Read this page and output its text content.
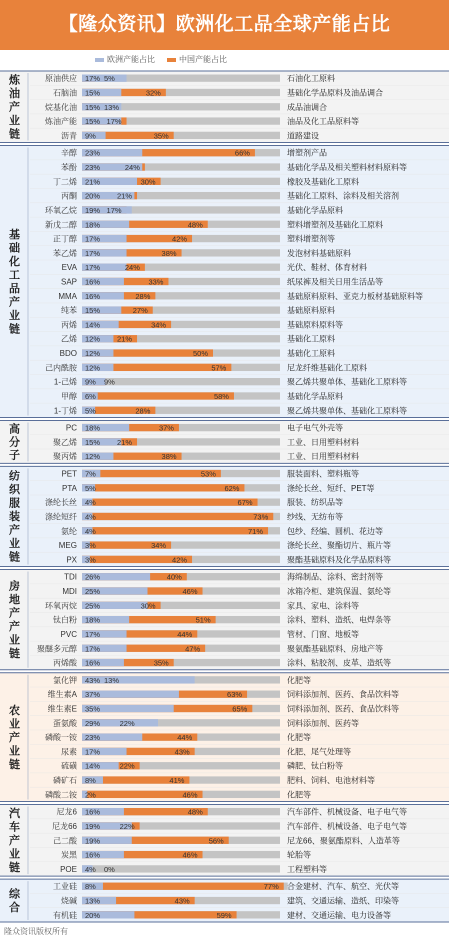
【隆众资讯】欧洲化工品全球产能占比
欧洲产能占比	中国产能占比
炼油产业链
原油供应 17% 5%	石油化工原料
石脑油 15%	32%	基础化学品原料及油品调合
烷基化油 15% 13%	成品油调合
炼油产能 15% 17%	油品及化工品原料等
沥青 9%	35%	道路建设
基础化工品产业链
辛醇 23%	66%	增塑剂产品
苯酚 23%	24%	基础化学品及相关塑料材料原料等
丁二烯 21%	30%	橡胶及基础化工原料
丙酮 20% 21%	基础化工原料、涂料及相关溶剂
环氧乙烷 19% 17%	基础化学品原料
新戊二醇 18%	48%	塑料增塑剂及基础化工原料
正丁醇 17%	42%	塑料增塑剂等
苯乙烯 17%	38%	发泡材料基础原料
EVA 17%	24%	光伏、鞋材、体育材料
SAP 16%	33%	纸尿裤及相关日用生活品等
MMA 16%	28%	基础原料原料、亚克力板材基础原料等
纯苯 15%	27%	基础原料原料
丙烯 14%	34%	基础原料原料等
乙烯 12% 21%	基础化工原料
BDO 12%	50%	基础化工原料
己内酰胺 12%	57%	尼龙纤维基础化工原料
1-己烯 9% 9%	聚乙烯共聚单体、基础化工原料等
甲醇 6%	58%	基础化学品原料
1-丁烯 5%	28%	聚乙烯共聚单体、基础化工原料等
高分子
PC 18%	37%	电子电气外壳等
聚乙烯 15% 21%	工业、日用塑料材料
聚丙烯 12%	38%	工业、日用塑料材料
纺织服装产业链
PET 7%	53%	服装面料、塑料瓶等
PTA 5%	62%	涤纶长丝、短纤、PET等
涤纶长丝 4%	67%	服装、纺织品等
涤纶短纤 4%	73% 纱线、无纺布等
氨纶 4%	71%	包纱、经编、圆机、花边等
MEG 3%	34%	涤纶长丝、聚酯切片、瓶片等
PX 3%	42%	聚酯基础原料及化学品原料等
房地产产业链
TDI 26%	40%	海绵制品、涂料、密封剂等
MDI 25%	46%	冰箱冷柜、建筑保温、氨纶等
环氧丙烷 25%	30%	家具、家电、涂料等
钛白粉 18%	51%	涂料、塑料、造纸、电焊条等
PVC 17%	44%	管材、门窗、地板等
聚醚多元醇 17%	47%	聚氨酯基础原料、房地产等
丙烯酸 16%	35%	涂料、粘胶剂、皮革、造纸等
农业产业链
氯化钾 43% 13%	化肥等
维生素A 37%	63%	饲料添加剂、医药、食品饮料等
维生素E 35%	65%	饲料添加剂、医药、食品饮料等
蛋氨酸 29%	22%	饲料添加剂、医药等
磷酸一铵 23%	44%	化肥等
尿素 17%	43%	化肥、尾气处理等
硫磺 14%	22%	磷肥、钛白粉等
磷矿石 8%	41%	肥料、饲料、电池材料等
磷酸二铵 2%	46%	化肥等
汽车产业链
尼龙6 16%	48%	汽车部件、机械设备、电子电气等
尼龙66 19%	22%	汽车部件、机械设备、电子电气等
己二酸 19%	56%	尼龙66、聚氨酯原料、人造革等
炭黑 16%	46%	轮胎等
POE 4% 0%	工程塑料等
综合
工业硅 8%	77% 合金建材、汽车、航空、光伏等
烧碱 13%	43%	建筑、交通运输、造纸、印染等
有机硅 20%	59%	建材、交通运输、电力设备等
隆众资讯版权所有
